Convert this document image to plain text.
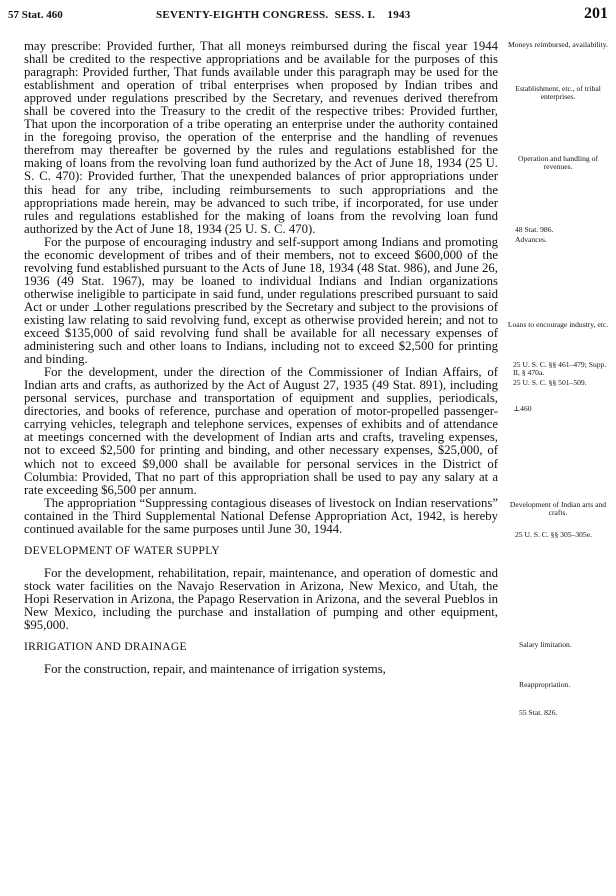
57 Stat. 460	SEVENTY-EIGHTH CONGRESS. SESS. I. 1943	201

may prescribe: Provided further, That all moneys reimbursed during the fiscal year 1944 shall be credited to the respective appropriations and be available for the purposes of this paragraph: Provided further, That funds available under this paragraph may be used for the establishment and operation of tribal enterprises when proposed by Indian tribes and approved under regulations prescribed by the Secretary, and revenues derived therefrom shall be covered into the Treasury to the credit of the respective tribes: Provided further, That upon the incorporation of a tribe operating an enterprise under the authority contained in the foregoing proviso, the operation of the enterprise and the handling of revenues therefrom may thereafter be governed by the rules and regulations established for the making of loans from the revolving loan fund authorized by the Act of June 18, 1934 (25 U. S. C. 470): Provided further, That the unexpended balances of prior appropriations under this head for any tribe, including reimbursements to such appropriations and the appropriations made herein, may be advanced to such tribe, if incorporated, for use under rules and regulations established for the making of loans from the revolving loan fund authorized by the Act of June 18, 1934 (25 U. S. C. 470).

For the purpose of encouraging industry and self-support among Indians and promoting the economic development of tribes and of their members, not to exceed $600,000 of the revolving fund established pursuant to the Acts of June 18, 1934 (48 Stat. 986), and June 26, 1936 (49 Stat. 1967), may be loaned to individual Indians and Indian organizations otherwise ineligible to participate in said fund, under regulations prescribed pursuant to said Act or under ⊥other regulations prescribed by the Secretary and subject to the provisions of existing law relating to said revolving fund, except as otherwise provided herein; and not to exceed $135,000 of said revolving fund shall be available for all necessary expenses of administering such and other loans to Indians, including not to exceed $2,500 for printing and binding.

For the development, under the direction of the Commissioner of Indian Affairs, of Indian arts and crafts, as authorized by the Act of August 27, 1935 (49 Stat. 891), including personal services, purchase and transportation of equipment and supplies, periodicals, directories, and books of reference, purchase and operation of motor-propelled passenger-carrying vehicles, telegraph and telephone services, expenses of exhibits and of attendance at meetings concerned with the development of Indian arts and crafts, traveling expenses, not to exceed $2,500 for printing and binding, and other necessary expenses, $25,000, of which not to exceed $9,000 shall be available for personal services in the District of Columbia: Provided, That no part of this appropriation shall be used to pay any salary at a rate exceeding $6,500 per annum.

The appropriation “Suppressing contagious diseases of livestock on Indian reservations” contained in the Third Supplemental National Defense Appropriation Act, 1942, is hereby continued available for the same purposes until June 30, 1944.

DEVELOPMENT OF WATER SUPPLY

For the development, rehabilitation, repair, maintenance, and operation of domestic and stock water facilities on the Navajo Reservation in Arizona, New Mexico, and Utah, the Hopi Reservation in Arizona, the Papago Reservation in Arizona, and the several Pueblos in New Mexico, including the purchase and installation of pumping and other equipment, $95,000.

IRRIGATION AND DRAINAGE

For the construction, repair, and maintenance of irrigation systems,

Moneys reimbursed, availability.
Establishment, etc., of tribal enterprises.
Operation and handling of revenues.
48 Stat. 986.
Advances.
Loans to encourage industry, etc.
25 U. S. C. §§ 461–479; Supp. II, § 470a.
25 U. S. C. §§ 501–509.
⊥460
Development of Indian arts and crafts.
25 U. S. C. §§ 305–305e.
Salary limitation.
Reappropriation.
55 Stat. 826.
